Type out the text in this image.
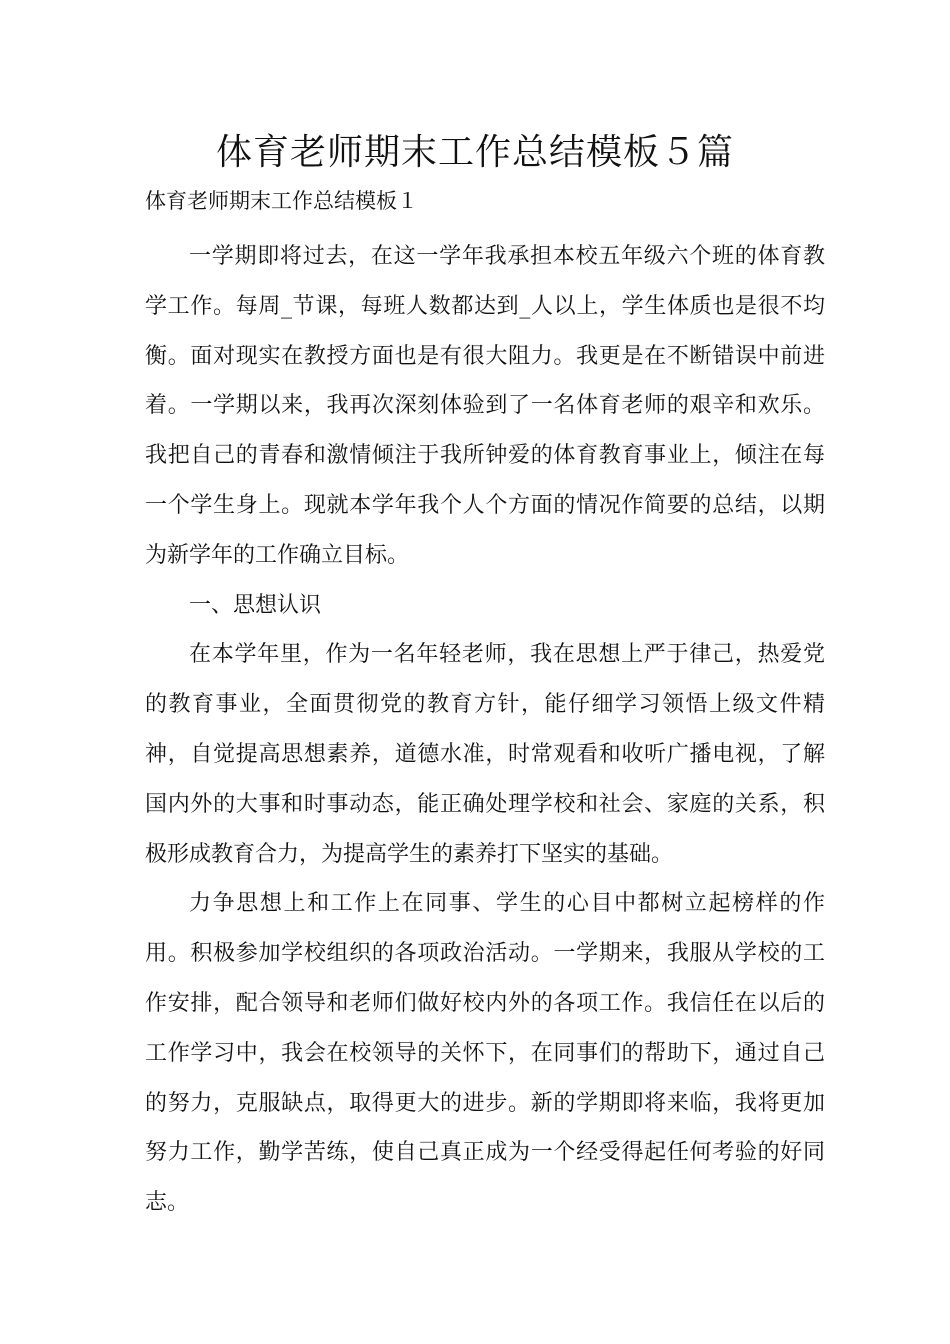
体育老师期末工作总结模板５篇

体育老师期末工作总结模板１

一学期即将过去，在这一学年我承担本校五年级六个班的体育教学工作。每周_节课，每班人数都达到_人以上，学生体质也是很不均衡。面对现实在教授方面也是有很大阻力。我更是在不断错误中前进着。一学期以来，我再次深刻体验到了一名体育老师的艰辛和欢乐。我把自己的青春和激情倾注于我所钟爱的体育教育事业上，倾注在每一个学生身上。现就本学年我个人个方面的情况作简要的总结，以期为新学年的工作确立目标。

一、思想认识

在本学年里，作为一名年轻老师，我在思想上严于律己，热爱党的教育事业，全面贯彻党的教育方针，能仔细学习领悟上级文件精神，自觉提高思想素养，道德水准，时常观看和收听广播电视，了解国内外的大事和时事动态，能正确处理学校和社会、家庭的关系，积极形成教育合力，为提高学生的素养打下坚实的基础。

力争思想上和工作上在同事、学生的心目中都树立起榜样的作用。积极参加学校组织的各项政治活动。一学期来，我服从学校的工作安排，配合领导和老师们做好校内外的各项工作。我信任在以后的工作学习中，我会在校领导的关怀下，在同事们的帮助下，通过自己的努力，克服缺点，取得更大的进步。新的学期即将来临，我将更加努力工作，勤学苦练，使自己真正成为一个经受得起任何考验的好同志。
